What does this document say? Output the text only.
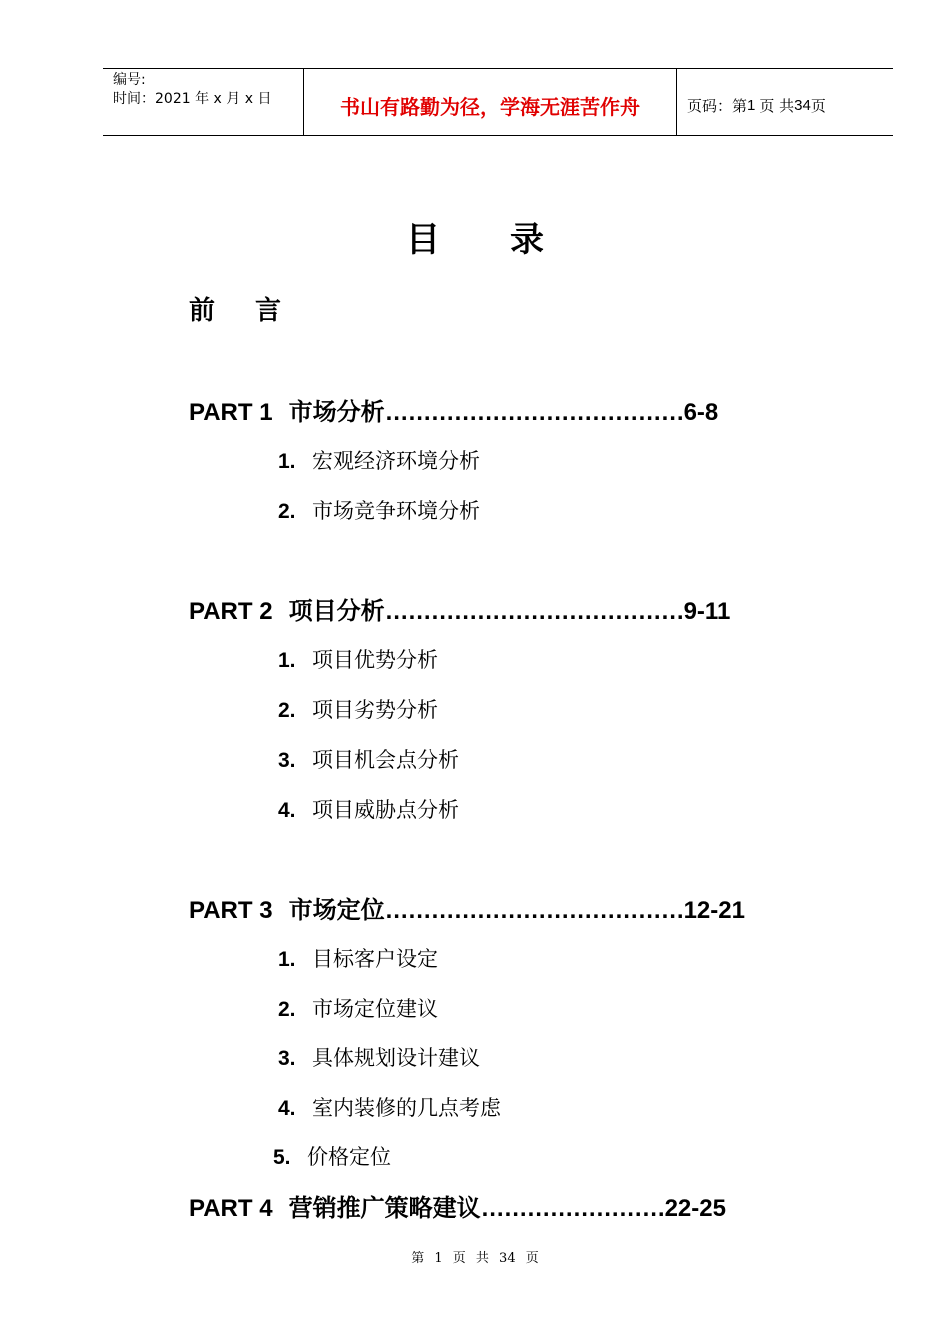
编号:
时间：2021 年 x 月 x 日	书山有路勤为径，学海无涯苦作舟	页码：第 1 页 共 34 页
目录
前言
PART 1 市场分析 ………………………………… 6-8
1. 宏观经济环境分析
2. 市场竞争环境分析
PART 2 项目分析 ………………………………… 9-11
1. 项目优势分析
2. 项目劣势分析
3. 项目机会点分析
4. 项目威胁点分析
PART 3 市场定位 ………………………………… 12-21
1. 目标客户设定
2. 市场定位建议
3. 具体规划设计建议
4. 室内装修的几点考虑
5. 价格定位
PART 4 营销推广策略建议 …………………… 22-25
第 1 页 共 34 页
